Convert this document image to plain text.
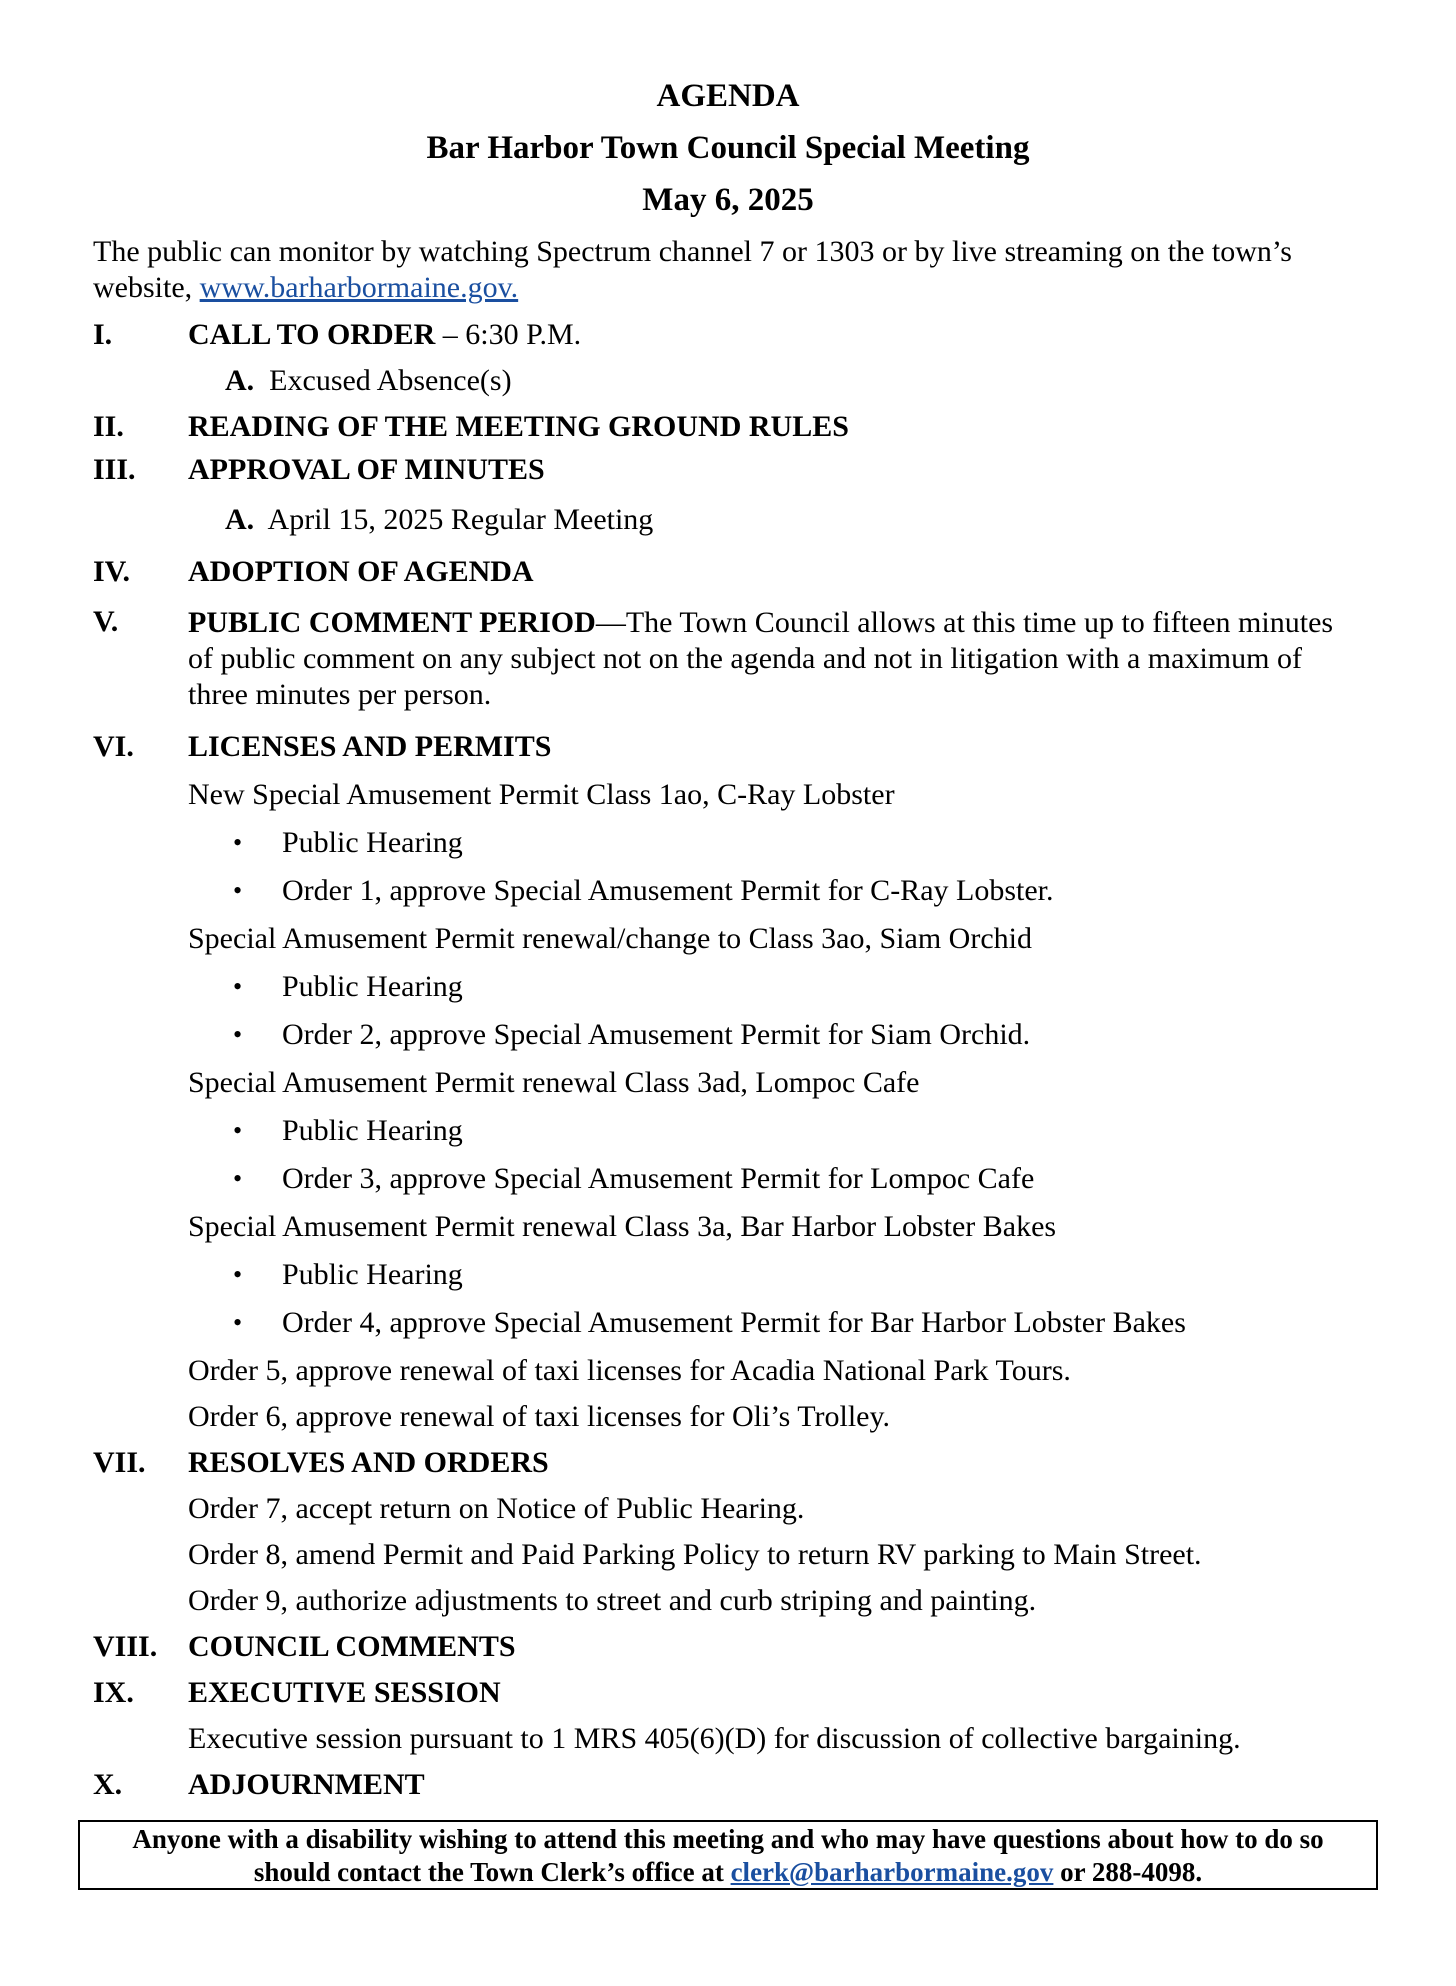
AGENDA
Bar Harbor Town Council Special Meeting
May 6, 2025
The public can monitor by watching Spectrum channel 7 or 1303 or by live streaming on the town’s website, www.barharbormaine.gov.
I.	CALL TO ORDER – 6:30 P.M.
A. Excused Absence(s)
II. READING OF THE MEETING GROUND RULES
III. APPROVAL OF MINUTES
A. April 15, 2025 Regular Meeting
IV. ADOPTION OF AGENDA
V. PUBLIC COMMENT PERIOD—The Town Council allows at this time up to fifteen minutes of public comment on any subject not on the agenda and not in litigation with a maximum of three minutes per person.
VI. LICENSES AND PERMITS
New Special Amusement Permit Class 1ao, C-Ray Lobster
• Public Hearing
• Order 1, approve Special Amusement Permit for C-Ray Lobster.
Special Amusement Permit renewal/change to Class 3ao, Siam Orchid
• Public Hearing
• Order 2, approve Special Amusement Permit for Siam Orchid.
Special Amusement Permit renewal Class 3ad, Lompoc Cafe
• Public Hearing
• Order 3, approve Special Amusement Permit for Lompoc Cafe
Special Amusement Permit renewal Class 3a, Bar Harbor Lobster Bakes
• Public Hearing
• Order 4, approve Special Amusement Permit for Bar Harbor Lobster Bakes
Order 5, approve renewal of taxi licenses for Acadia National Park Tours.
Order 6, approve renewal of taxi licenses for Oli’s Trolley.
VII. RESOLVES AND ORDERS
Order 7, accept return on Notice of Public Hearing.
Order 8, amend Permit and Paid Parking Policy to return RV parking to Main Street.
Order 9, authorize adjustments to street and curb striping and painting.
VIII. COUNCIL COMMENTS
IX. EXECUTIVE SESSION
Executive session pursuant to 1 MRS 405(6)(D) for discussion of collective bargaining.
X. ADJOURNMENT
Anyone with a disability wishing to attend this meeting and who may have questions about how to do so
should contact the Town Clerk’s office at clerk@barharbormaine.gov or 288-4098.
